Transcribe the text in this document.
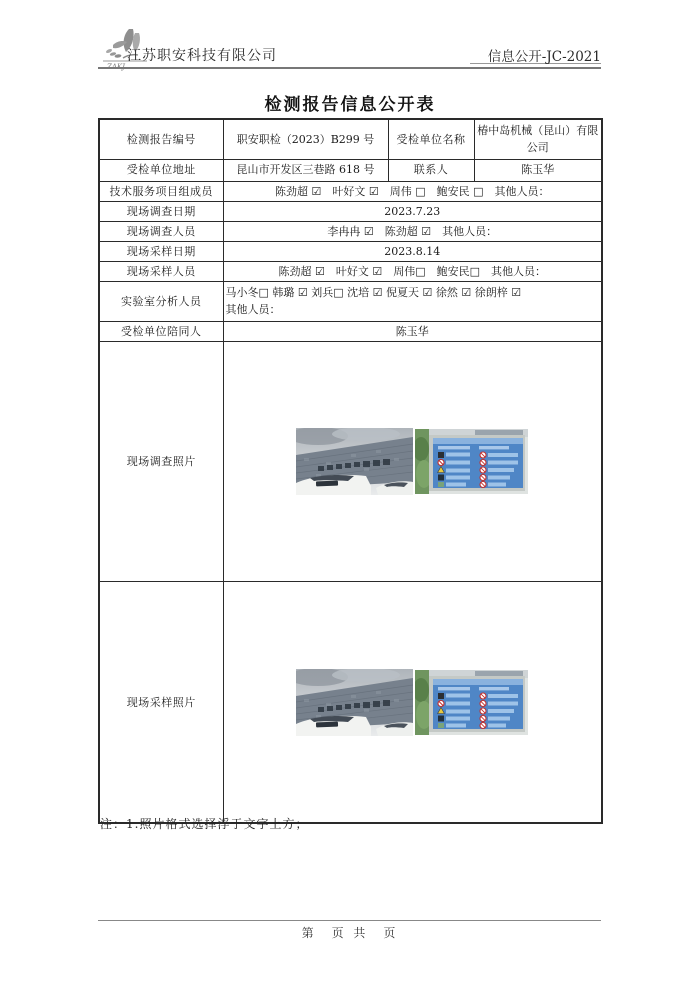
ZAKJ
江苏职安科技有限公司	信息公开-JC-2021
检测报告信息公开表
检测报告编号	职安职检（2023）B299 号	受检单位名称	椿中岛机械（昆山）有限公司
受检单位地址	昆山市开发区三巷路 618 号	联系人	陈玉华
技术服务项目组成员	陈劲超 ☑　叶好文 ☑　周伟 □　鲍安民 □　其他人员：		
现场调查日期	2023.7.23		
现场调查人员	李冉冉 ☑　陈劲超 ☑　其他人员：		
现场采样日期	2023.8.14		
现场采样人员	陈劲超 ☑　叶好文 ☑　周伟□　鲍安民□　其他人员：		
实验室分析人员	马小冬□ 韩璐 ☑ 刘兵□ 沈培 ☑ 倪夏天 ☑ 徐然 ☑ 徐朗梓 ☑
其他人员：		

受检单位陪同人	陈玉华		
现场调查照片	

现场采样照片	
注：1.照片格式选择浮于文字上方；
第　页 共　页
